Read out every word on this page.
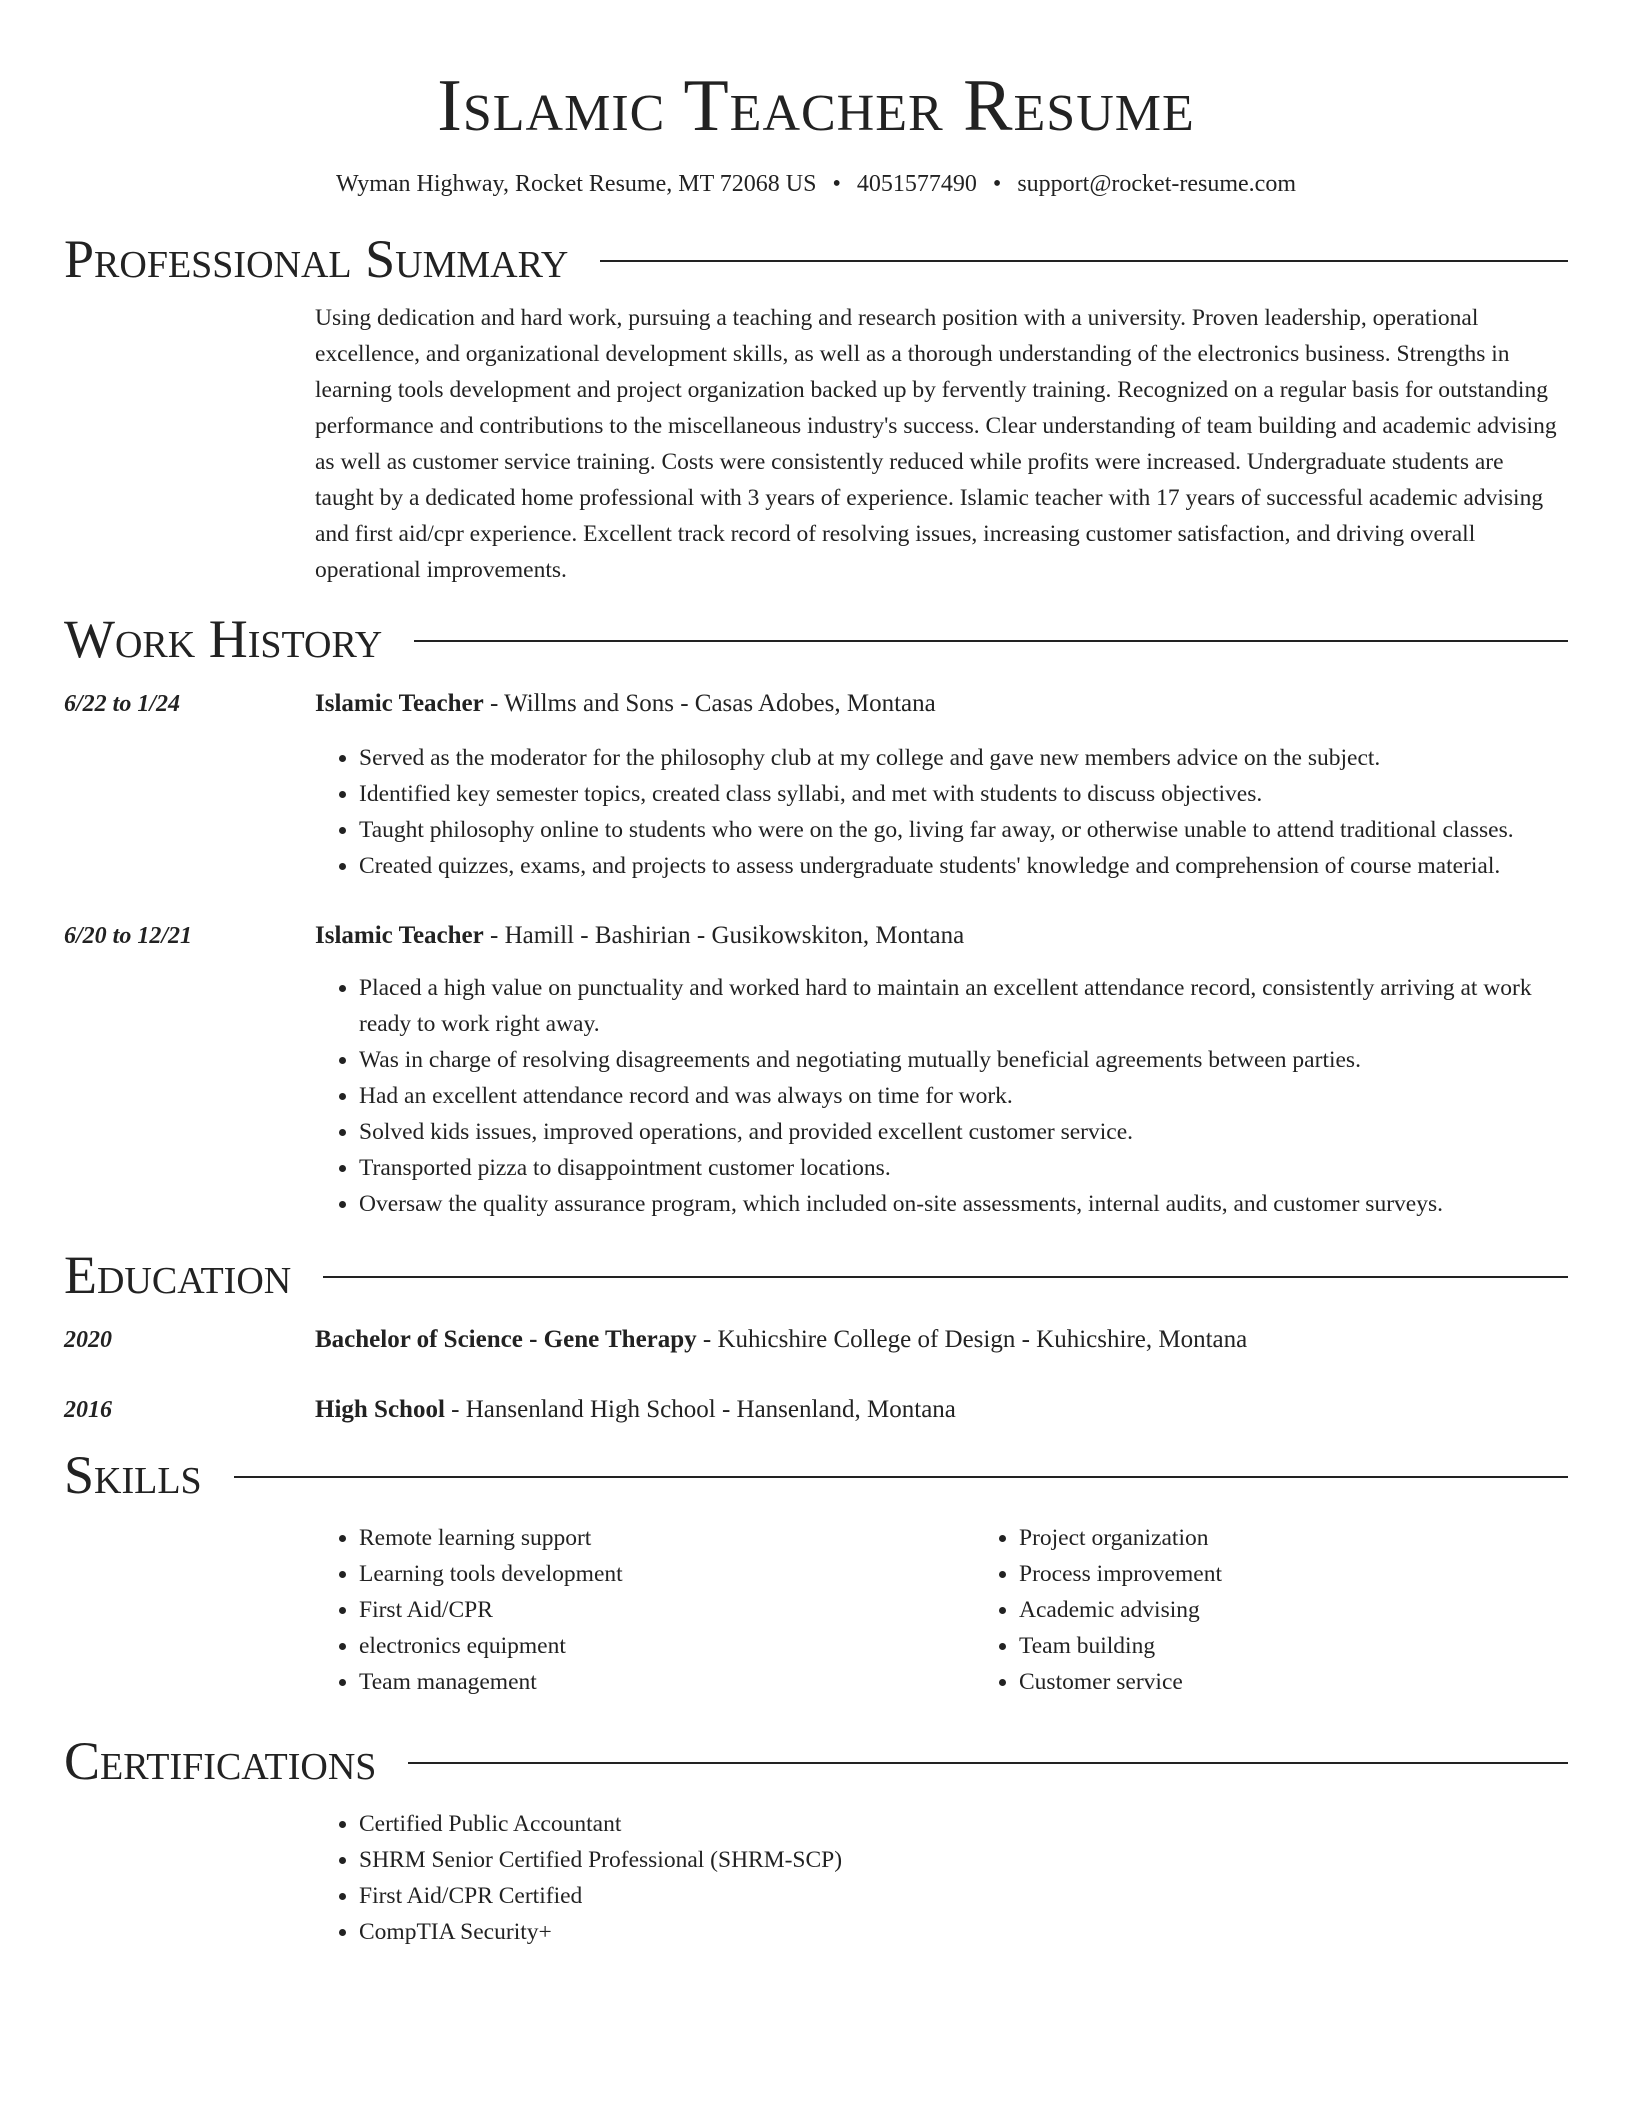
Islamic Teacher Resume
Wyman Highway, Rocket Resume, MT 72068 US • 4051577490 • support@rocket-resume.com
Professional Summary
Using dedication and hard work, pursuing a teaching and research position with a university. Proven leadership, operational excellence, and organizational development skills, as well as a thorough understanding of the electronics business. Strengths in learning tools development and project organization backed up by fervently training. Recognized on a regular basis for outstanding performance and contributions to the miscellaneous industry's success. Clear understanding of team building and academic advising as well as customer service training. Costs were consistently reduced while profits were increased. Undergraduate students are taught by a dedicated home professional with 3 years of experience. Islamic teacher with 17 years of successful academic advising and first aid/cpr experience. Excellent track record of resolving issues, increasing customer satisfaction, and driving overall operational improvements.
Work History
6/22 to 1/24	Islamic Teacher - Willms and Sons - Casas Adobes, Montana
• Served as the moderator for the philosophy club at my college and gave new members advice on the subject.
• Identified key semester topics, created class syllabi, and met with students to discuss objectives.
• Taught philosophy online to students who were on the go, living far away, or otherwise unable to attend traditional classes.
• Created quizzes, exams, and projects to assess undergraduate students' knowledge and comprehension of course material.
6/20 to 12/21	Islamic Teacher - Hamill - Bashirian - Gusikowskiton, Montana
• Placed a high value on punctuality and worked hard to maintain an excellent attendance record, consistently arriving at work ready to work right away.
• Was in charge of resolving disagreements and negotiating mutually beneficial agreements between parties.
• Had an excellent attendance record and was always on time for work.
• Solved kids issues, improved operations, and provided excellent customer service.
• Transported pizza to disappointment customer locations.
• Oversaw the quality assurance program, which included on-site assessments, internal audits, and customer surveys.
Education
2020	Bachelor of Science - Gene Therapy - Kuhicshire College of Design - Kuhicshire, Montana
2016	High School - Hansenland High School - Hansenland, Montana
Skills
• Remote learning support
• Learning tools development
• First Aid/CPR
• electronics equipment
• Team management
• Project organization
• Process improvement
• Academic advising
• Team building
• Customer service
Certifications
• Certified Public Accountant
• SHRM Senior Certified Professional (SHRM-SCP)
• First Aid/CPR Certified
• CompTIA Security+
